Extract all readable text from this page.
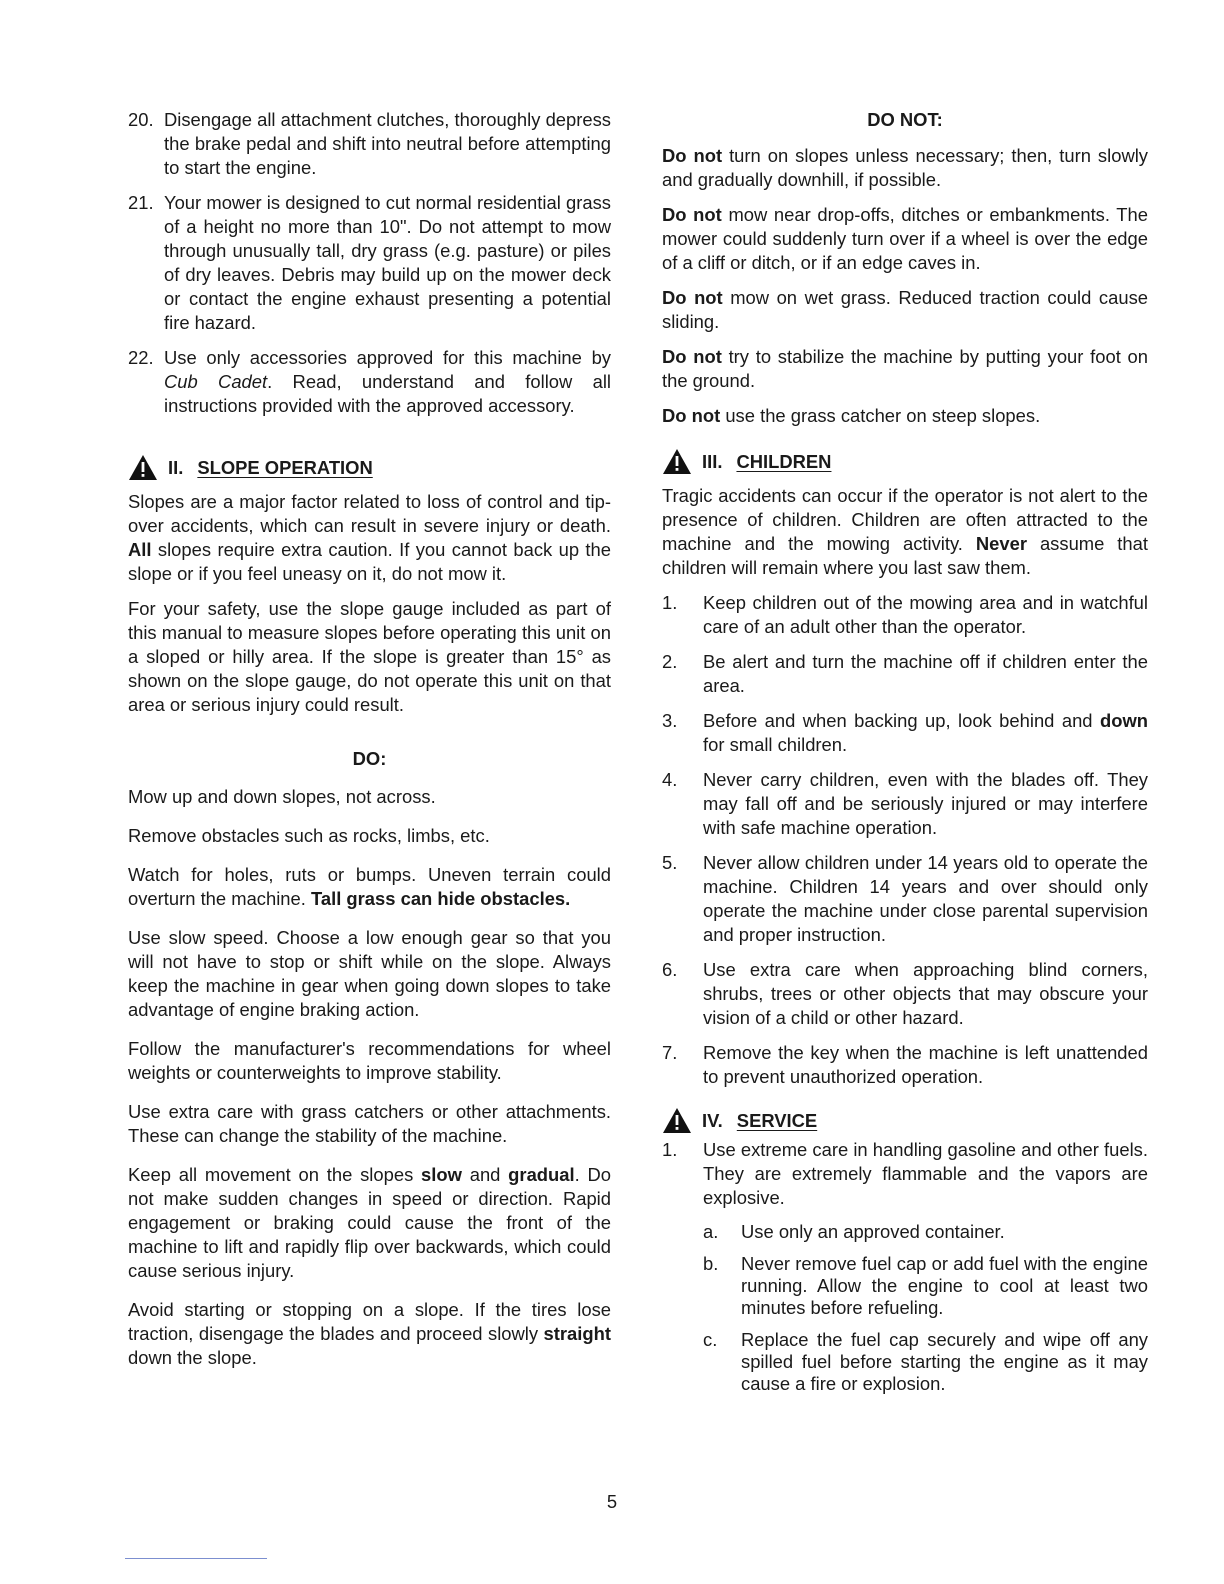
20. Disengage all attachment clutches, thoroughly depress the brake pedal and shift into neutral before attempting to start the engine.
21. Your mower is designed to cut normal residential grass of a height no more than 10". Do not attempt to mow through unusually tall, dry grass (e.g. pasture) or piles of dry leaves. Debris may build up on the mower deck or contact the engine exhaust presenting a potential fire hazard.
22. Use only accessories approved for this machine by Cub Cadet. Read, understand and follow all instructions provided with the approved accessory.
II. SLOPE OPERATION

Slopes are a major factor related to loss of control and tip-over accidents, which can result in severe injury or death. All slopes require extra caution. If you cannot back up the slope or if you feel uneasy on it, do not mow it.

For your safety, use the slope gauge included as part of this manual to measure slopes before operating this unit on a sloped or hilly area. If the slope is greater than 15° as shown on the slope gauge, do not operate this unit on that area or serious injury could result.

DO:

Mow up and down slopes, not across.

Remove obstacles such as rocks, limbs, etc.

Watch for holes, ruts or bumps. Uneven terrain could overturn the machine. Tall grass can hide obstacles.

Use slow speed. Choose a low enough gear so that you will not have to stop or shift while on the slope. Always keep the machine in gear when going down slopes to take advantage of engine braking action.

Follow the manufacturer's recommendations for wheel weights or counterweights to improve stability.

Use extra care with grass catchers or other attachments. These can change the stability of the machine.

Keep all movement on the slopes slow and gradual. Do not make sudden changes in speed or direction. Rapid engagement or braking could cause the front of the machine to lift and rapidly flip over backwards, which could cause serious injury.

Avoid starting or stopping on a slope. If the tires lose traction, disengage the blades and proceed slowly straight down the slope.

DO NOT:

Do not turn on slopes unless necessary; then, turn slowly and gradually downhill, if possible.

Do not mow near drop-offs, ditches or embankments. The mower could suddenly turn over if a wheel is over the edge of a cliff or ditch, or if an edge caves in.

Do not mow on wet grass. Reduced traction could cause sliding.

Do not try to stabilize the machine by putting your foot on the ground.

Do not use the grass catcher on steep slopes.

III. CHILDREN

Tragic accidents can occur if the operator is not alert to the presence of children. Children are often attracted to the machine and the mowing activity. Never assume that children will remain where you last saw them.

1. Keep children out of the mowing area and in watchful care of an adult other than the operator.
2. Be alert and turn the machine off if children enter the area.
3. Before and when backing up, look behind and down for small children.
4. Never carry children, even with the blades off. They may fall off and be seriously injured or may interfere with safe machine operation.
5. Never allow children under 14 years old to operate the machine. Children 14 years and over should only operate the machine under close parental supervision and proper instruction.
6. Use extra care when approaching blind corners, shrubs, trees or other objects that may obscure your vision of a child or other hazard.
7. Remove the key when the machine is left unattended to prevent unauthorized operation.
IV. SERVICE
1. Use extreme care in handling gasoline and other fuels. They are extremely flammable and the vapors are explosive.
a. Use only an approved container.
b. Never remove fuel cap or add fuel with the engine running. Allow the engine to cool at least two minutes before refueling.
c. Replace the fuel cap securely and wipe off any spilled fuel before starting the engine as it may cause a fire or explosion.
5
